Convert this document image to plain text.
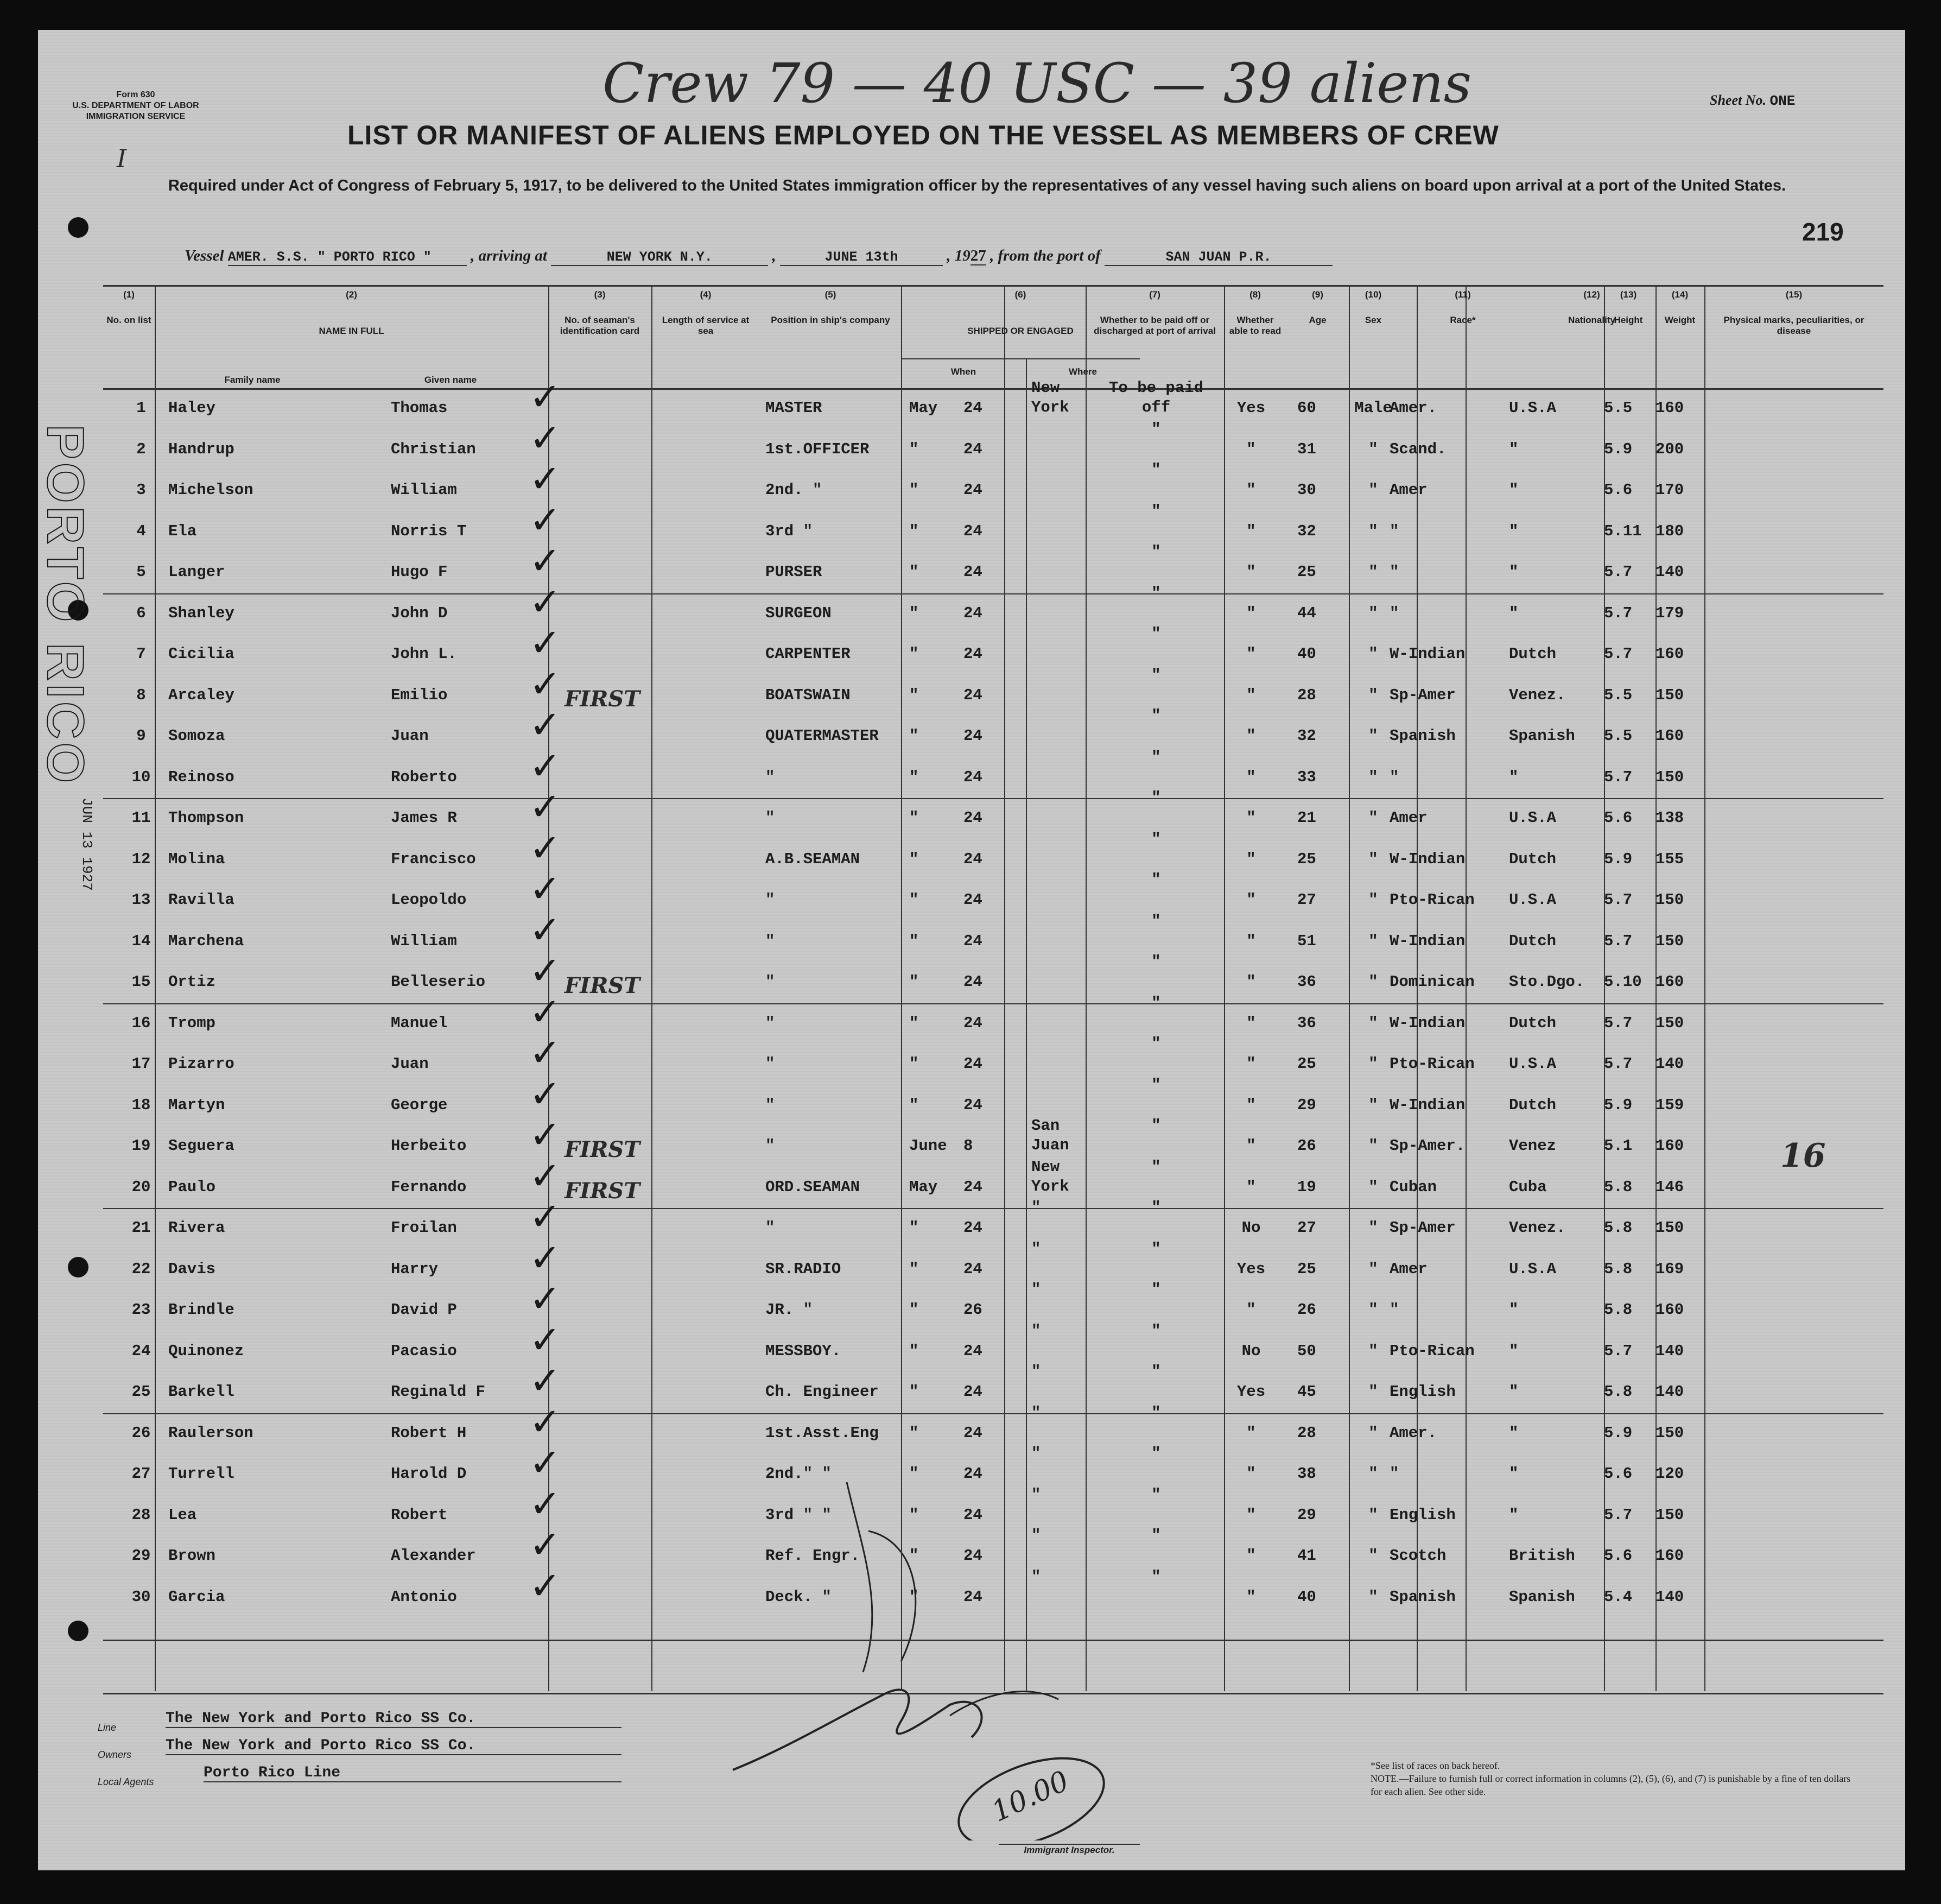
Form 630
U.S. DEPARTMENT OF LABOR
IMMIGRATION SERVICE
Crew 79 — 40 USC — 39 aliens
I
Sheet No. ONE
LIST OR MANIFEST OF ALIENS EMPLOYED ON THE VESSEL AS MEMBERS OF CREW
Required under Act of Congress of February 5, 1917, to be delivered to the United States immigration officer by the representatives of any vessel having such aliens on board upon arrival at a port of the United States.
219
Vessel AMER. S.S. " PORTO RICO " , arriving at	NEW YORK N.Y.	,	JUNE 13th	, 1927 , from the port of	SAN JUAN P.R.
PORTO RICO
JUN 13 1927
Line
The New York and Porto Rico SS Co.
Owners
The New York and Porto Rico SS Co.
Local Agents
Porto Rico Line	10.00
Immigrant Inspector.
*See list of races on back hereof.
NOTE.—Failure to furnish full or correct information in columns (2), (5), (6), and (7) is punishable by a fine of ten dollars for each alien. See other side.
(1)
No. on list
(2)
NAME IN FULL
(3)
No. of seaman's identification card
(4)
Length of service at sea
(5)
Position in ship's company
(6)
SHIPPED OR ENGAGED
(7)
Whether to be paid off or discharged at port of arrival
(8)
Whether able to read
(9)
Age
(10)
Sex
(11)
Race*
(12)
Nationality
(13)
Height
(14)
Weight
(15)
Physical marks, peculiarities, or disease
Family name	Given name
When	Where
1	Haley	Thomas	MASTER	May 24
New York
To be paid off	Yes	60	Male
Amer.	U.S.A	5.5 160
✓
2	Handrup	Christian	1st.OFFICER	"	24
"
"	31	" Scand.	"	5.9 200
✓
3	Michelson	William	2nd. "	"	24
"
"	30	" Amer	"	5.6 170
✓
4	Ela	Norris T	3rd "	"	24
"
"	32	" "	"	5.11 180
✓
5	Langer	Hugo F	PURSER	"	24
"
"	25	" "	"	5.7 140
✓
6	Shanley	John D	SURGEON	"	24
"
"	44	" "	"	5.7 179
✓
7	Cicilia	John L.	CARPENTER	"	24
"
"	40	" W-Indian	Dutch	5.7 160
✓
8	Arcaley	Emilio	FIRST	BOATSWAIN	"	24
"
"	28	" Sp-Amer	Venez. 5.5 150
✓
9	Somoza	Juan	QUATERMASTER "	24
"
"	32	" Spanish	Spanish 5.5 160
✓
10	Reinoso	Roberto	"	"	24
"
"	33	" "	"	5.7 150
✓
11	Thompson	James R	"	"	24
"
"	21	" Amer	U.S.A	5.6 138
✓
12	Molina	Francisco	A.B.SEAMAN	"	24
"
"	25	" W-Indian	Dutch	5.9 155
✓
13	Ravilla	Leopoldo	"	"	24
"
"	27	" Pto-Rican U.S.A	5.7 150
✓
14	Marchena	William	"	"	24
"
"	51	" W-Indian	Dutch	5.7 150
✓
15	Ortiz	Belleserio	FIRST	"	"	24
"
"	36	" Dominican Sto.Dgo. 5.10 160
✓
16	Tromp	Manuel	"	"	24
"
"	36	" W-Indian	Dutch	5.7 150
✓
17	Pizarro	Juan	"	"	24
"
"	25	" Pto-Rican U.S.A	5.7 140
✓
18	Martyn	George	"	"	24
"
"	29	" W-Indian	Dutch	5.9 159
✓
19	Seguera	Herbeito	FIRST	"	June 8
San Juan
"
"	26	" Sp-Amer.	Venez	5.1 160	16
✓
20	Paulo	Fernando	FIRST	ORD.SEAMAN	May 24
New York
"
"	19	" Cuban	Cuba	5.8 146
✓
21	Rivera	Froilan	"	"	24
"	"
No	27	" Sp-Amer	Venez. 5.8 150
✓
22	Davis	Harry	SR.RADIO	"	24
"	"
Yes	25	" Amer	U.S.A	5.8 169
✓
23	Brindle	David P	JR. "	"	26
"	"
"	26	" "	"	5.8 160
✓
24	Quinonez	Pacasio	MESSBOY.	"	24
"	"
No	50	" Pto-Rican "	5.7 140
✓
25	Barkell	Reginald F	Ch. Engineer "	24
"	"
Yes	45	" English	"	5.8 140
✓
26	Raulerson	Robert H	1st.Asst.Eng "	24
"	"
"	28	" Amer.	"	5.9 150
✓
27	Turrell	Harold D	2nd." "	"	24
"	"
"	38	" "	"	5.6 120
✓
28	Lea	Robert	3rd " "	"	24
"	"
"	29	" English	"	5.7 150
✓
29	Brown	Alexander	Ref. Engr.	"	24
"	"
"	41	" Scotch	British 5.6 160
✓
30	Garcia	Antonio	Deck. "	"	24
"	"
"	40	" Spanish	Spanish 5.4 140
✓
